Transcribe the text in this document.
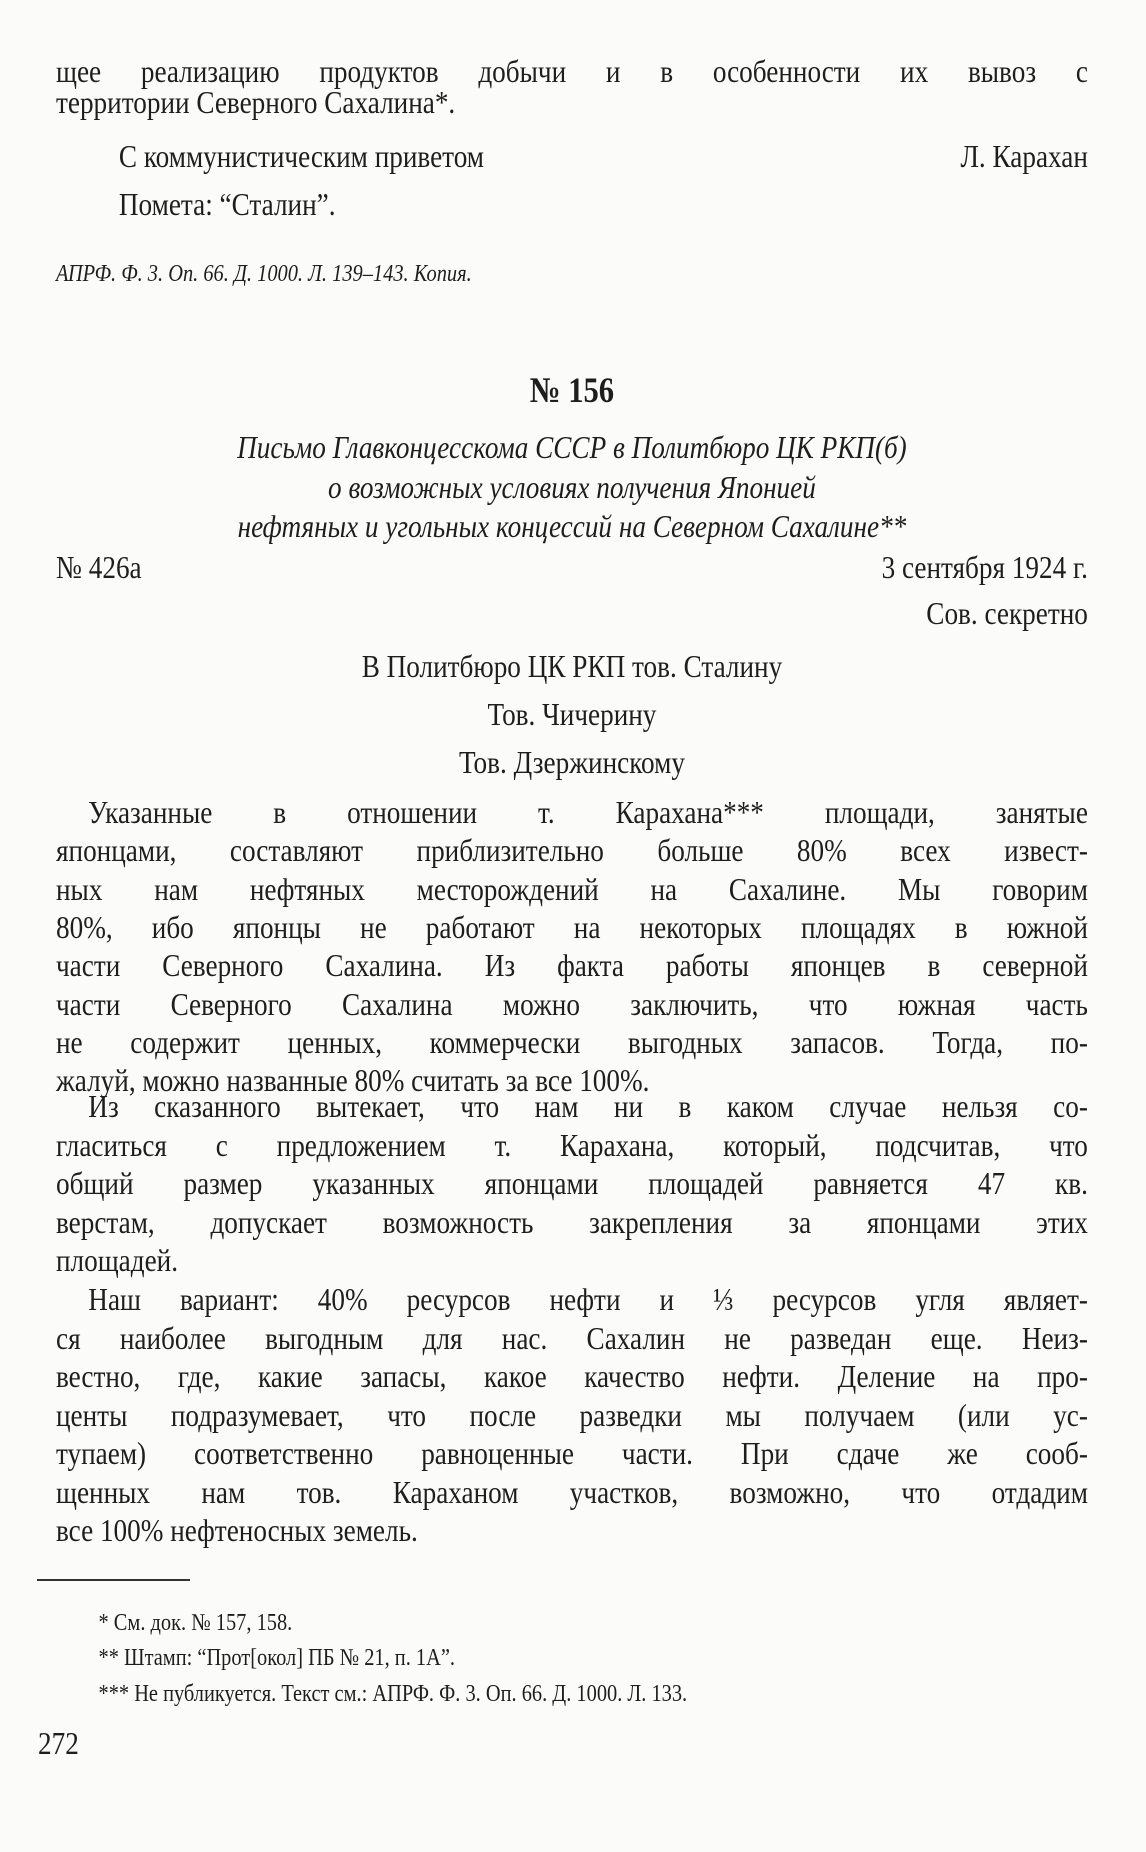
С коммунистическим приветом	Л. Карахан
№ 426а	3 сентября 1924 г.
щее реализацию продуктов добычи и в особенности их вывоз с
территории Северного Сахалина*.
Помета: “Сталин”.
АПРФ. Ф. 3. Оп. 66. Д. 1000. Л. 139–143. Копия.
№ 156
Письмо Главконцесскома СССР в Политбюро ЦК РКП(б)
о возможных условиях получения Японией
нефтяных и угольных концессий на Северном Сахалине**
Сов. секретно
В Политбюро ЦК РКП тов. Сталину
Тов. Чичерину
Тов. Дзержинскому
Указанные в отношении т. Карахана*** площади, занятые
японцами, составляют приблизительно больше 80% всех извест-
ных нам нефтяных месторождений на Сахалине. Мы говорим
80%, ибо японцы не работают на некоторых площадях в южной
части Северного Сахалина. Из факта работы японцев в северной
части Северного Сахалина можно заключить, что южная часть
не содержит ценных, коммерчески выгодных запасов. Тогда, по-
жалуй, можно названные 80% считать за все 100%.
Из сказанного вытекает, что нам ни в каком случае нельзя со-
гласиться с предложением т. Карахана, который, подсчитав, что
общий размер указанных японцами площадей равняется 47 кв.
верстам, допускает возможность закрепления за японцами этих
площадей.
Наш вариант: 40% ресурсов нефти и ⅓ ресурсов угля являет-
ся наиболее выгодным для нас. Сахалин не разведан еще. Неиз-
вестно, где, какие запасы, какое качество нефти. Деление на про-
центы подразумевает, что после разведки мы получаем (или ус-
тупаем) соответственно равноценные части. При сдаче же сооб-
щенных нам тов. Караханом участков, возможно, что отдадим
все 100% нефтеносных земель.
* См. док. № 157, 158.
** Штамп: “Прот[окол] ПБ № 21, п. 1А”.
*** Не публикуется. Текст см.: АПРФ. Ф. 3. Оп. 66. Д. 1000. Л. 133.
272
